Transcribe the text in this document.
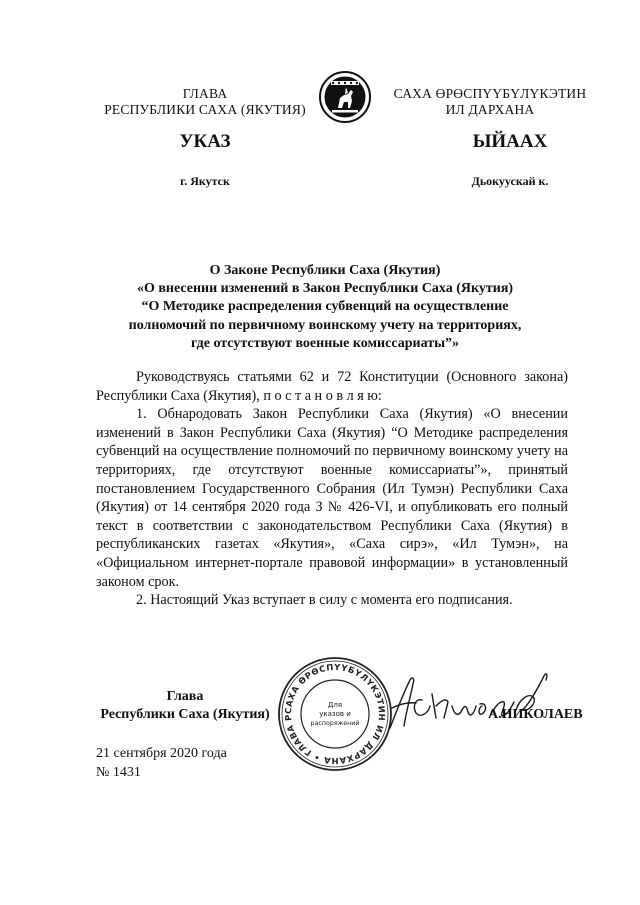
ГЛАВА
РЕСПУБЛИКИ САХА (ЯКУТИЯ)
САХА ӨРӨСПҮҮБҮЛҮКЭТИН
ИЛ ДАРХАНА
УКАЗ	ЫЙААХ
г. Якутск	Дьокуускай к.
О Законе Республики Саха (Якутия)
«О внесении изменений в Закон Республики Саха (Якутия)
“О Методике распределения субвенций на осуществление
полномочий по первичному воинскому учету на территориях,
где отсутствуют военные комиссариаты”»

Руководствуясь статьями 62 и 72 Конституции (Основного закона) Республики Саха (Якутия), п о с т а н о в л я ю:

1. Обнародовать Закон Республики Саха (Якутия) «О внесении изменений в Закон Республики Саха (Якутия) “О Методике распределения субвенций на осуществление полномочий по первичному воинскому учету на территориях, где отсутствуют военные комиссариаты”», принятый постановлением Государственного Собрания (Ил Тумэн) Республики Саха (Якутия) от 14 сентября 2020 года З № 426-VI, и опубликовать его полный текст в соответствии с законодательством Республики Саха (Якутия) в республиканских газетах «Якутия», «Саха сирэ», «Ил Тумэн», на «Официальном интернет-портале правовой информации» в установленный законом срок.

2. Настоящий Указ вступает в силу с момента его подписания.

Глава
Республики Саха (Якутия)	САХА ӨРӨСПҮҮБҮЛҮКЭТИН ИЛ ДАРХАНА • ГЛАВА Р
Для
указов и
распоряжений
А.НИКОЛАЕВ
21 сентября 2020 года
№ 1431
